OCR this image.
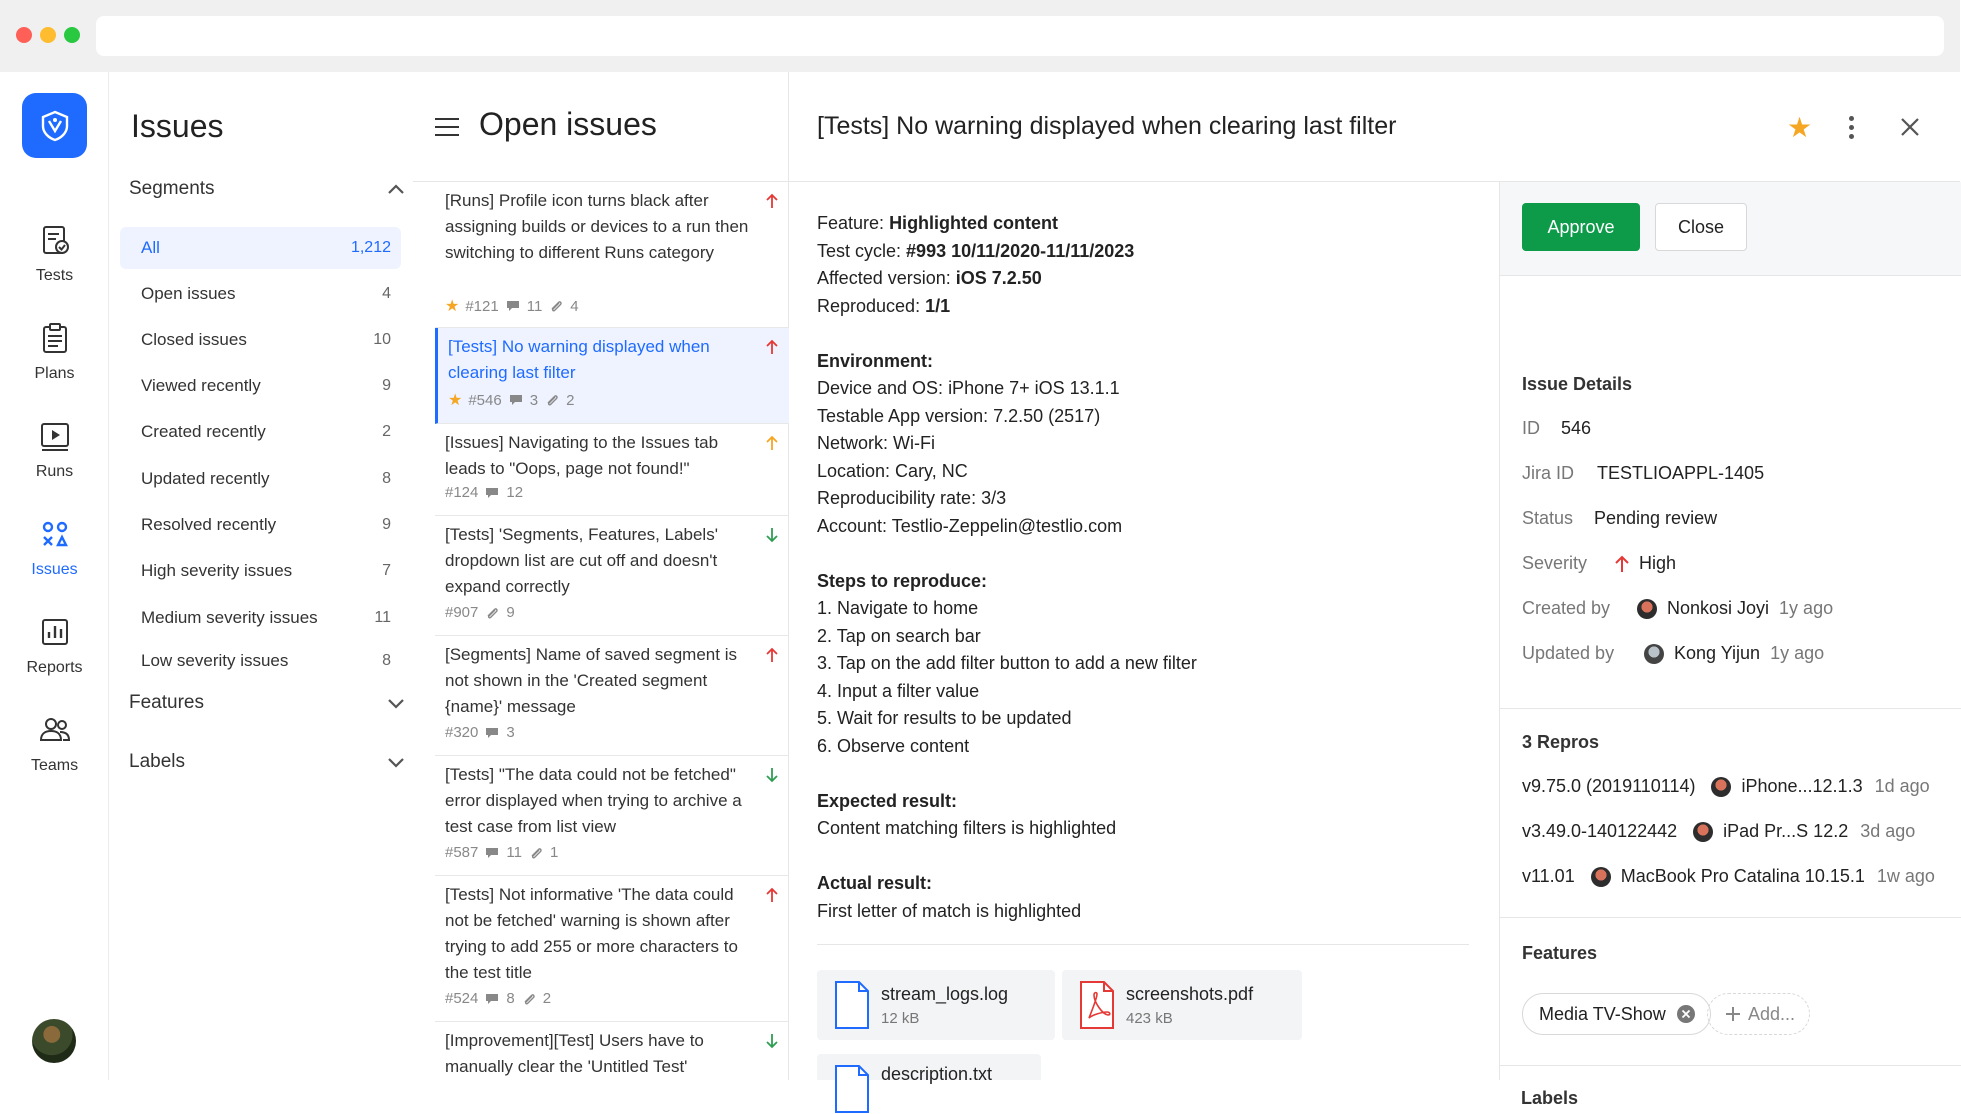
Tests
Plans
Runs
Issues
Reports
Teams
Issues
Segments
All	1,212
Open issues	4
Closed issues	10
Viewed recently	9
Created recently	2
Updated recently	8
Resolved recently	9
High severity issues	7
Medium severity issues	11
Low severity issues	8
Features
Labels
Open issues
[Runs] Profile icon turns black after assigning builds or devices to a run then switching to different Runs category
★ #121 11 4
[Tests] No warning displayed when clearing last filter
★ #546 3 2
[Issues] Navigating to the Issues tab leads to "Oops, page not found!"
#124 12
[Tests] 'Segments, Features, Labels' dropdown list are cut off and doesn't expand correctly
#907 9
[Segments] Name of saved segment is not shown in the 'Created segment {name}' message
#320 3
[Tests] "The data could not be fetched" error displayed when trying to archive a test case from list view
#587 11 1
[Tests] Not informative 'The data could not be fetched' warning is shown after trying to add 255 or more characters to the test title
#524 8 2
[Improvement][Test] Users have to manually clear the 'Untitled Test'
[Tests] No warning displayed when clearing last filter	★
Feature: Highlighted content
Test cycle: #993 10/11/2020-11/11/2023
Affected version: iOS 7.2.50
Reproduced: 1/1
Environment:
Device and OS: iPhone 7+ iOS 13.1.1
Testable App version: 7.2.50 (2517)
Network: Wi-Fi
Location: Cary, NC
Reproducibility rate: 3/3
Account: Testlio-Zeppelin@testlio.com
Steps to reproduce:
1. Navigate to home
2. Tap on search bar
3. Tap on the add filter button to add a new filter
4. Input a filter value
5. Wait for results to be updated
6. Observe content
Expected result:
Content matching filters is highlighted
Actual result:
First letter of match is highlighted
stream_logs.log
12 kB
screenshots.pdf
423 kB
description.txt
Approve	Close
Issue Details
ID	546
Jira ID	TESTLIOAPPL-1405
Status	Pending review
Severity	High
Created by	Nonkosi Joyi 1y ago
Updated by	Kong Yijun 1y ago
3 Repros
v9.75.0 (2019110114)	iPhone...12.1.3 1d ago
v3.49.0-140122442	iPad Pr...S 12.2 3d ago
v11.01	MacBook Pro Catalina 10.15.1 1w ago
Features
Media TV-Show	Add...
Labels
